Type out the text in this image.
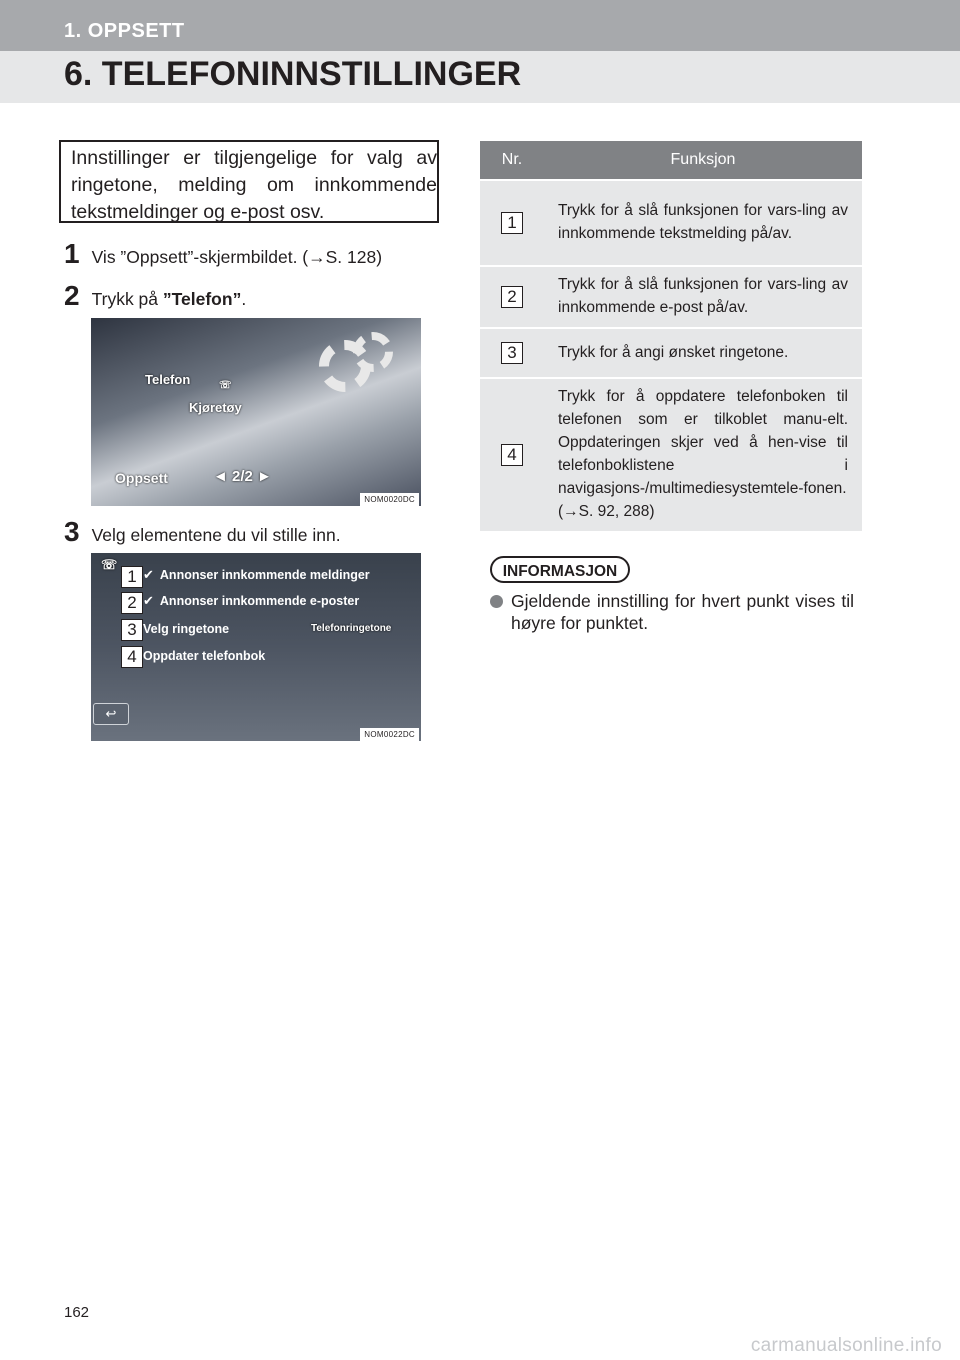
1. OPPSETT
6. TELEFONINNSTILLINGER
Innstillinger er tilgjengelige for valg av ringetone, melding om innkommende tekstmeldinger og e-post osv.
1 Vis ”Oppsett”-skjermbildet. (→S. 128)
2 Trykk på ”Telefon”.
Telefon	☏
Kjøretøy
Oppsett	◄ 2/2 ►
NOM0020DC
3 Velg elementene du vil stille inn.
☏
✔ Annonser innkommende meldinger
✔ Annonser innkommende e-poster
Velg ringetone	Telefonringetone
Oppdater telefonbok
1
2
3
4
↩
NOM0022DC
Nr.	Funksjon
1	Trykk for å slå funksjonen for vars-ling av innkommende tekstmelding på/av.
2	Trykk for å slå funksjonen for vars-ling av innkommende e-post på/av.
3	Trykk for å angi ønsket ringetone.
4	Trykk for å oppdatere telefonboken til telefonen som er tilkoblet manu-elt. Oppdateringen skjer ved å hen-vise til telefonboklistene i navigasjons-/multimediesystemtele-fonen. (→S. 92, 288)
INFORMASJON
Gjeldende innstilling for hvert punkt vises til høyre for punktet.
162
carmanualsonline.info
